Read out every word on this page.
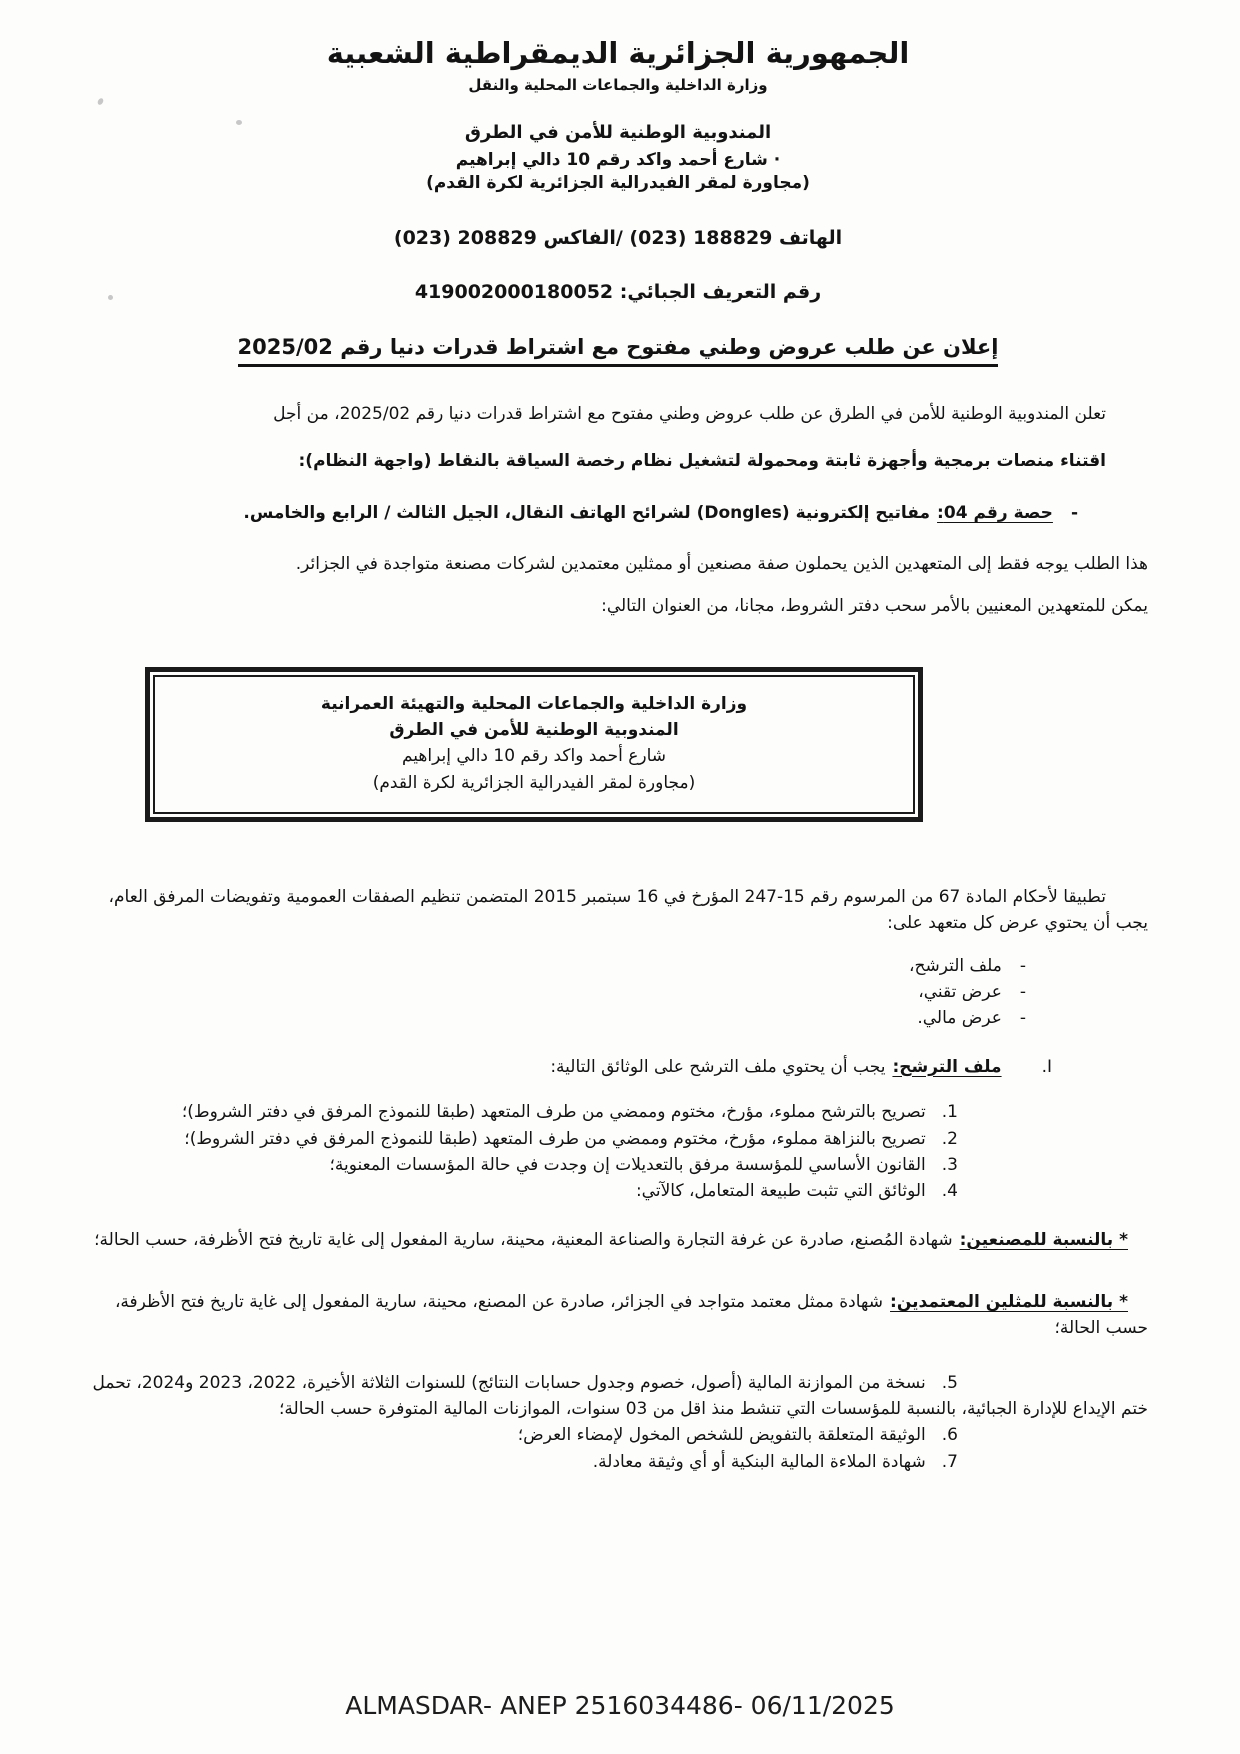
الجمهورية الجزائرية الديمقراطية الشعبية
وزارة الداخلية والجماعات المحلية والنقل
المندوبية الوطنية للأمن في الطرق
· شارع أحمد واكد رقم 10 دالي إبراهيم
(مجاورة لمقر الفيدرالية الجزائرية لكرة القدم)
الهاتف 188829 (023) /الفاكس 208829 (023)
رقم التعريف الجبائي: 419002000180052
إعلان عن طلب عروض وطني مفتوح مع اشتراط قدرات دنيا رقم 2025/02

تعلن المندوبية الوطنية للأمن في الطرق عن طلب عروض وطني مفتوح مع اشتراط قدرات دنيا رقم 2025/02، من أجل

اقتناء منصات برمجية وأجهزة ثابتة ومحمولة لتشغيل نظام رخصة السياقة بالنقاط (واجهة النظام):

-حصة رقم 04:مفاتيح إلكترونية (Dongles) لشرائح الهاتف النقال، الجيل الثالث / الرابع والخامس.

هذا الطلب يوجه فقط إلى المتعهدين الذين يحملون صفة مصنعين أو ممثلين معتمدين لشركات مصنعة متواجدة في الجزائر.

يمكن للمتعهدين المعنيين بالأمر سحب دفتر الشروط، مجانا، من العنوان التالي:

وزارة الداخلية والجماعات المحلية والتهيئة العمرانية
المندوبية الوطنية للأمن في الطرق
شارع أحمد واكد رقم 10 دالي إبراهيم
(مجاورة لمقر الفيدرالية الجزائرية لكرة القدم)

تطبيقا لأحكام المادة 67 من المرسوم رقم 15-247 المؤرخ في 16 سبتمبر 2015 المتضمن تنظيم الصفقات العمومية وتفويضات المرفق العام، يجب أن يحتوي عرض كل متعهد على:

-ملف الترشح،

-عرض تقني،

-عرض مالي.

I.ملف الترشح:يجب أن يحتوي ملف الترشح على الوثائق التالية:

1.تصريح بالترشح مملوء، مؤرخ، مختوم وممضي من طرف المتعهد (طبقا للنموذج المرفق في دفتر الشروط)؛

2.تصريح بالنزاهة مملوء، مؤرخ، مختوم وممضي من طرف المتعهد (طبقا للنموذج المرفق في دفتر الشروط)؛

3.القانون الأساسي للمؤسسة مرفق بالتعديلات إن وجدت في حالة المؤسسات المعنوية؛

4.الوثائق التي تثبت طبيعة المتعامل، كالآتي:

* بالنسبة للمصنعين:شهادة المُصنع، صادرة عن غرفة التجارة والصناعة المعنية، محينة، سارية المفعول إلى غاية تاريخ فتح الأظرفة، حسب الحالة؛

* بالنسبة للمثلين المعتمدين:شهادة ممثل معتمد متواجد في الجزائر، صادرة عن المصنع، محينة، سارية المفعول إلى غاية تاريخ فتح الأظرفة، حسب الحالة؛

5.نسخة من الموازنة المالية (أصول، خصوم وجدول حسابات النتائج) للسنوات الثلاثة الأخيرة، 2022، 2023 و2024، تحمل ختم الإيداع للإدارة الجبائية، بالنسبة للمؤسسات التي تنشط منذ اقل من 03 سنوات، الموازنات المالية المتوفرة حسب الحالة؛

6.الوثيقة المتعلقة بالتفويض للشخص المخول لإمضاء العرض؛

7.شهادة الملاءة المالية البنكية أو أي وثيقة معادلة.

ALMASDAR- ANEP 2516034486- 06/11/2025
